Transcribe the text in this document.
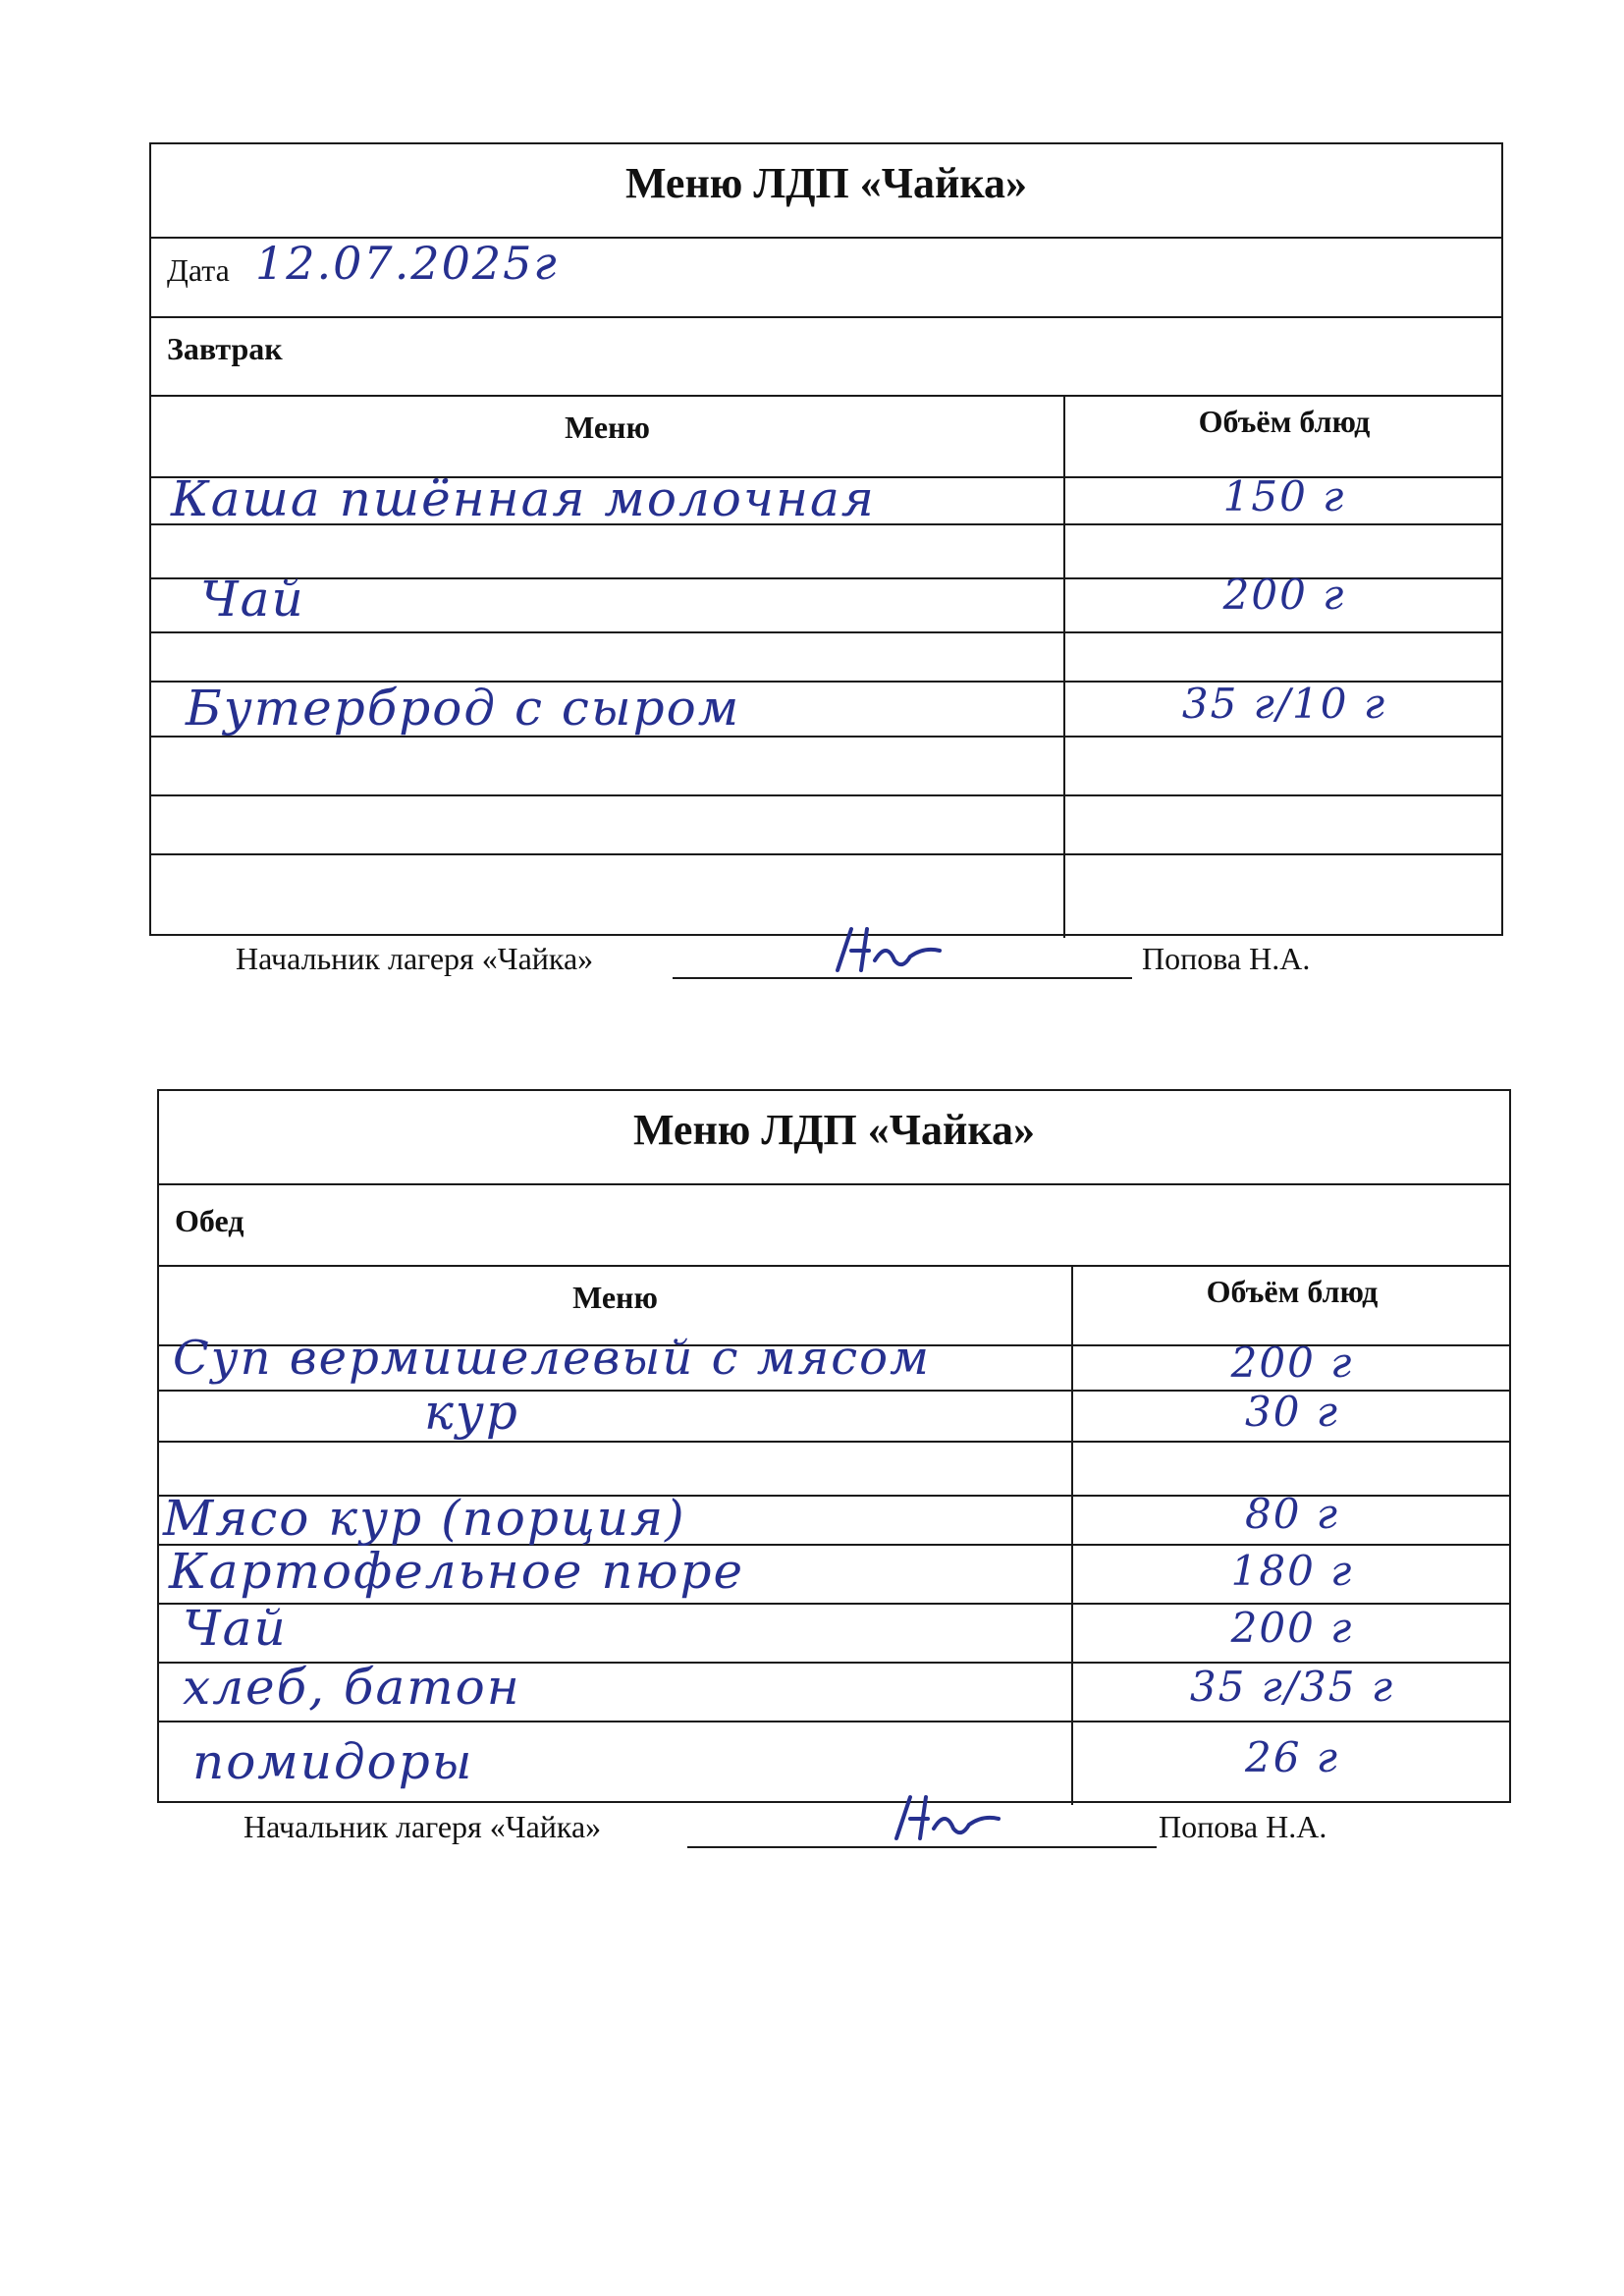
Меню ЛДП «Чайка»
Дата 12.07.2025г
Завтрак
Меню	Объём блюд
Каша пшённая молочная	150 г
Чай	200 г
Бутерброд с сыром	35 г/10 г
Начальник лагеря «Чайка»	Попова Н.А.
Меню ЛДП «Чайка»
Обед
Меню	Объём блюд
Суп вермишелевый с мясом	200 г
кур	30 г
Мясо кур (порция)	80 г
Картофельное пюре	180 г
Чай	200 г
хлеб, батон	35 г/35 г
помидоры	26 г
Начальник лагеря «Чайка»	Попова Н.А.
